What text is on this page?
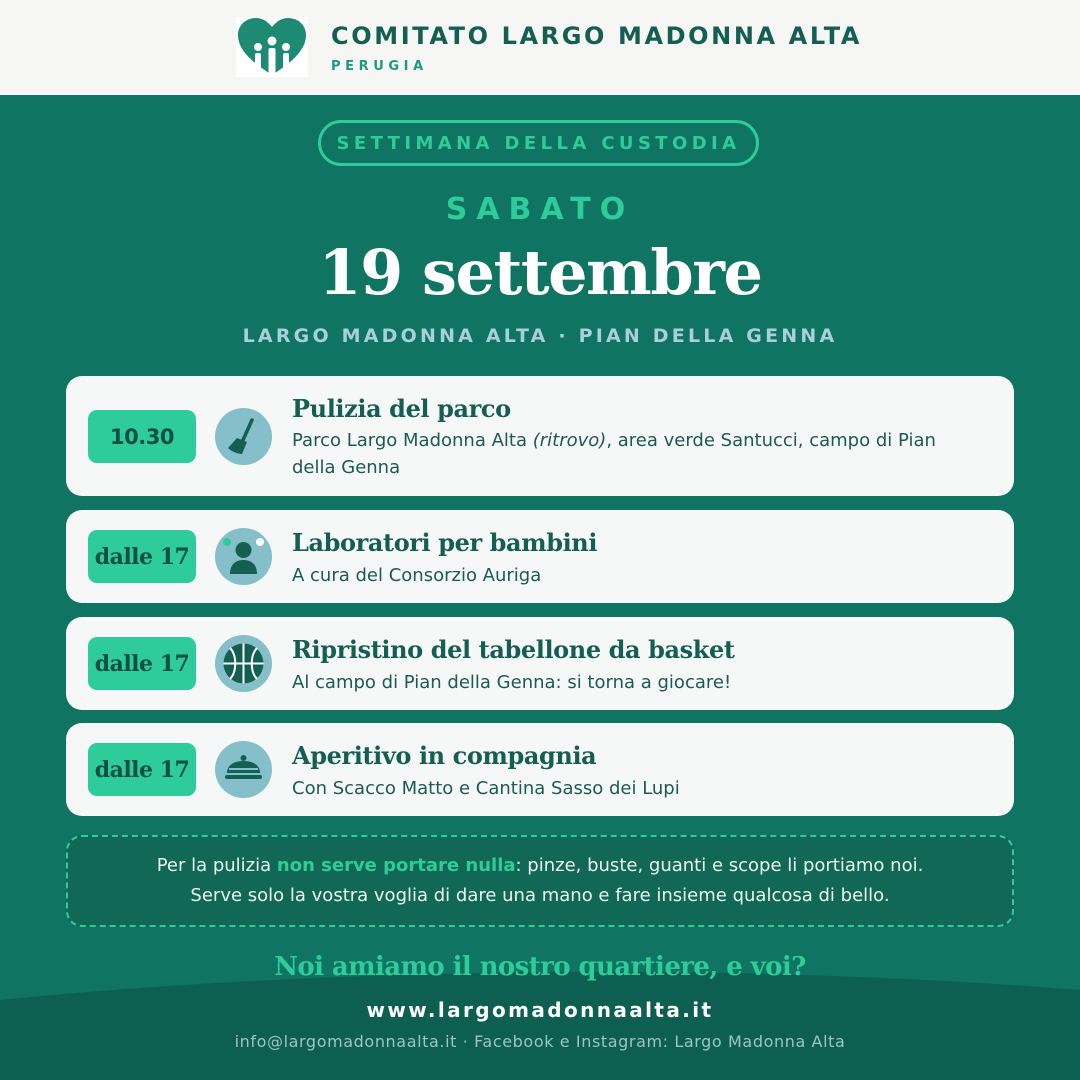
COMITATO LARGO MADONNA ALTA
PERUGIA
SETTIMANA DELLA CUSTODIA
SABATO
19 settembre
LARGO MADONNA ALTA · PIAN DELLA GENNA
10.30
Pulizia del parco
Parco Largo Madonna Alta (ritrovo), area verde Santucci, campo di Pian della Genna
dalle 17	Laboratori per bambini
A cura del Consorzio Auriga
dalle 17	Ripristino del tabellone da basket
Al campo di Pian della Genna: si torna a giocare!
dalle 17	Aperitivo in compagnia
Con Scacco Matto e Cantina Sasso dei Lupi
Per la pulizia non serve portare nulla: pinze, buste, guanti e scope li portiamo noi.
Serve solo la vostra voglia di dare una mano e fare insieme qualcosa di bello.
Noi amiamo il nostro quartiere, e voi?
www.largomadonnaalta.it
info@largomadonnaalta.it · Facebook e Instagram: Largo Madonna Alta
